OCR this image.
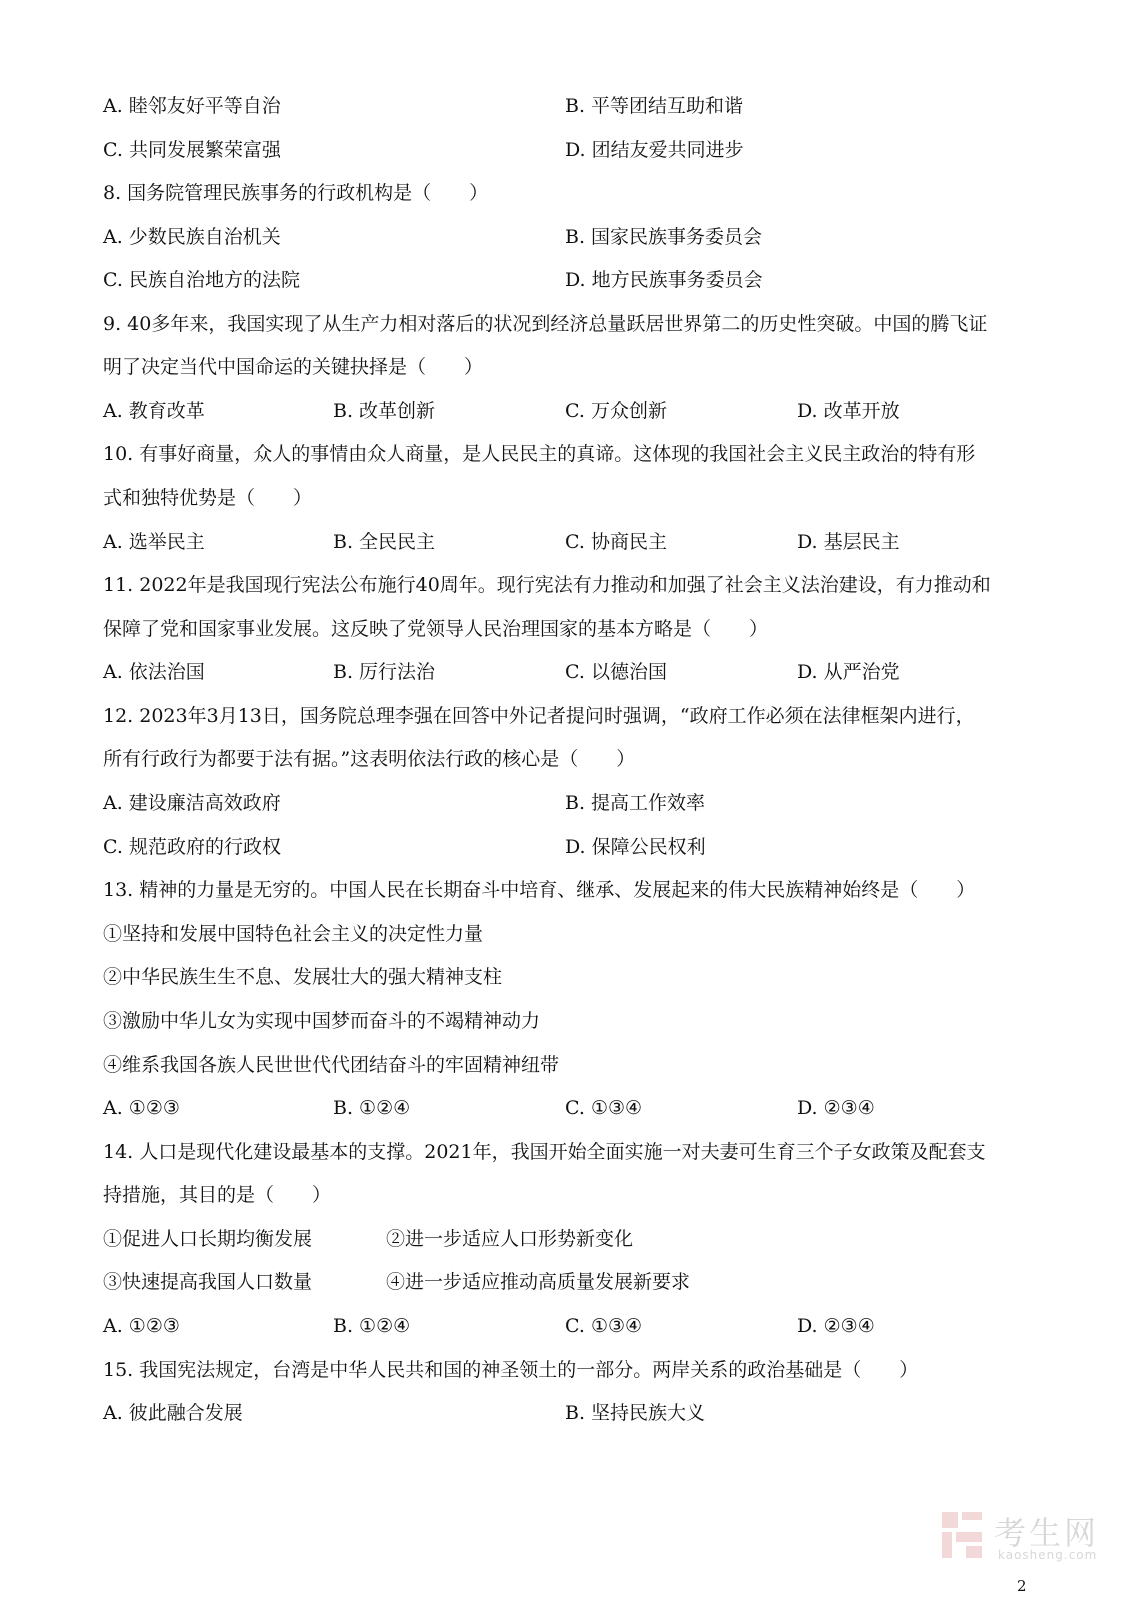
A. 睦邻友好平等自治	B. 平等团结互助和谐
C. 共同发展繁荣富强	D. 团结友爱共同进步
8. 国务院管理民族事务的行政机构是（　　）
A. 少数民族自治机关	B. 国家民族事务委员会
C. 民族自治地方的法院	D. 地方民族事务委员会
9. 40多年来，我国实现了从生产力相对落后的状况到经济总量跃居世界第二的历史性突破。中国的腾飞证
明了决定当代中国命运的关键抉择是（　　）
A. 教育改革	B. 改革创新	C. 万众创新	D. 改革开放
10. 有事好商量，众人的事情由众人商量，是人民民主的真谛。这体现的我国社会主义民主政治的特有形
式和独特优势是（　　）
A. 选举民主	B. 全民民主	C. 协商民主	D. 基层民主
11. 2022年是我国现行宪法公布施行40周年。现行宪法有力推动和加强了社会主义法治建设，有力推动和
保障了党和国家事业发展。这反映了党领导人民治理国家的基本方略是（　　）
A. 依法治国	B. 厉行法治	C. 以德治国	D. 从严治党
12. 2023年3月13日，国务院总理李强在回答中外记者提问时强调，“政府工作必须在法律框架内进行，
所有行政行为都要于法有据。”这表明依法行政的核心是（　　）
A. 建设廉洁高效政府	B. 提高工作效率
C. 规范政府的行政权	D. 保障公民权利
13. 精神的力量是无穷的。中国人民在长期奋斗中培育、继承、发展起来的伟大民族精神始终是（　　）
①坚持和发展中国特色社会主义的决定性力量
②中华民族生生不息、发展壮大的强大精神支柱
③激励中华儿女为实现中国梦而奋斗的不竭精神动力
④维系我国各族人民世世代代团结奋斗的牢固精神纽带
A. ①②③	B. ①②④	C. ①③④	D. ②③④
14. 人口是现代化建设最基本的支撑。2021年，我国开始全面实施一对夫妻可生育三个子女政策及配套支
持措施，其目的是（　　）
①促进人口长期均衡发展	②进一步适应人口形势新变化
③快速提高我国人口数量	④进一步适应推动高质量发展新要求
A. ①②③	B. ①②④	C. ①③④	D. ②③④
15. 我国宪法规定，台湾是中华人民共和国的神圣领土的一部分。两岸关系的政治基础是（　　）
A. 彼此融合发展	B. 坚持民族大义
考生网
kaosheng.com
2
